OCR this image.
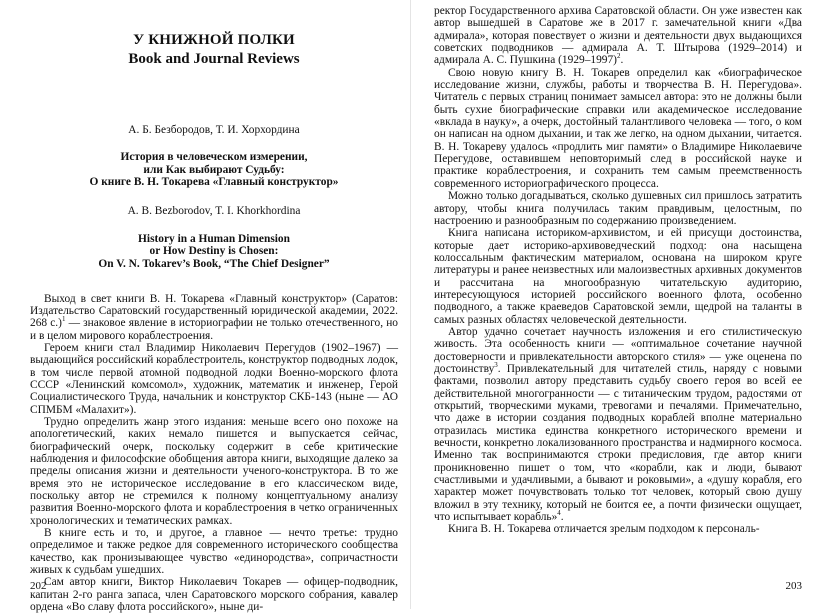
У КНИЖНОЙ ПОЛКИ
Book and Journal Reviews
А. Б. Безбородов, Т. И. Хорхордина
История в человеческом измерении,
или Как выбирают Судьбу:
О книге В. Н. Токарева «Главный конструктор»
A. B. Bezborodov, T. I. Khorkhordina
History in a Human Dimension
or How Destiny is Chosen:
On V. N. Tokarev’s Book, “The Chief Designer”

Выход в свет книги В. Н. Токарева «Главный конструктор» (Саратов: Издательство Саратовский государственный юридической академии, 2022. 268 с.)$^1$ — знаковое явление в историографии не только отечественного, но и в целом мирового кораблестроения.

Героем книги стал Владимир Николаевич Перегудов (1902–1967) — выдающийся российский кораблестроитель, конструктор подводных лодок, в том числе первой атомной подводной лодки Военно-морского флота СССР «Ленинский комсомол», художник, математик и инженер, Герой Социалистического Труда, начальник и конструктор СКБ-143 (ныне — АО СПМБМ «Малахит»).

Трудно определить жанр этого издания: меньше всего оно похоже на апологетический, каких немало пишется и выпускается сейчас, биографический очерк, поскольку содержит в себе критические наблюдения и философские обобщения автора книги, выходящие далеко за пределы описания жизни и деятельности ученого-конструктора. В то же время это не историческое исследование в его классическом виде, поскольку автор не стремился к полному концептуальному анализу развития Военно-морского флота и кораблестроения в четко ограниченных хронологических и тематических рамках.

В книге есть и то, и другое, а главное — нечто третье: трудно определимое и также редкое для современного исторического сообщества качество, как пронизывающее чувство «единородства», сопричастности живых к судьбам ушедших.

Сам автор книги, Виктор Николаевич Токарев — офицер-подводник, капитан 2-го ранга запаса, член Саратовского морского собрания, кавалер ордена «Во славу флота российского», ныне ди-

202

ректор Государственного архива Саратовской области. Он уже известен как автор вышедшей в Саратове же в 2017 г. замечательной книги «Два адмирала», которая повествует о жизни и деятельности двух выдающихся советских подводников — адмирала А. Т. Штырова (1929–2014) и адмирала А. С. Пушкина (1929–1997)$^2$.

Свою новую книгу В. Н. Токарев определил как «биографическое исследование жизни, службы, работы и творчества В. Н. Перегудова». Читатель с первых страниц понимает замысел автора: это не должны были быть сухие биографические справки или академическое исследование «вклада в науку», а очерк, достойный талантливого человека — того, о ком он написан на одном дыхании, и так же легко, на одном дыхании, читается. В. Н. Токареву удалось «продлить миг памяти» о Владимире Николаевиче Перегудове, оставившем неповторимый след в российской науке и практике кораблестроения, и сохранить тем самым преемственность современного историографического процесса.

Можно только догадываться, сколько душевных сил пришлось затратить автору, чтобы книга получилась таким правдивым, целостным, по настроению и разнообразным по содержанию произведением.

Книга написана историком-архивистом, и ей присущи достоинства, которые дает историко-архивоведческий подход: она насыщена колоссальным фактическим материалом, основана на широком круге литературы и ранее неизвестных или малоизвестных архивных документов и рассчитана на многообразную читательскую аудиторию, интересующуюся историей российского военного флота, особенно подводного, а также краеведов Саратовской земли, щедрой на таланты в самых разных областях человеческой деятельности.

Автор удачно сочетает научность изложения и его стилистическую живость. Эта особенность книги — «оптимальное сочетание научной достоверности и привлекательности авторского стиля» — уже оценена по достоинству$^3$. Привлекательный для читателей стиль, наряду с новыми фактами, позволил автору представить судьбу своего героя во всей ее действительной многогранности — с титаническим трудом, радостями от открытий, творческими муками, тревогами и печалями. Примечательно, что даже в истории создания подводных кораблей вполне материально отразилась мистика единства конкретного исторического времени и вечности, конкретно локализованного пространства и надмирного космоса. Именно так воспринимаются строки предисловия, где автор книги проникновенно пишет о том, что «корабли, как и люди, бывают счастливыми и удачливыми, а бывают и роковыми», а «душу корабля, его характер может почувствовать только тот человек, который свою душу вложил в эту технику, который не боится ее, а почти физически ощущает, что испытывает корабль»$^4$.

Книга В. Н. Токарева отличается зрелым подходом к персональ-

203
